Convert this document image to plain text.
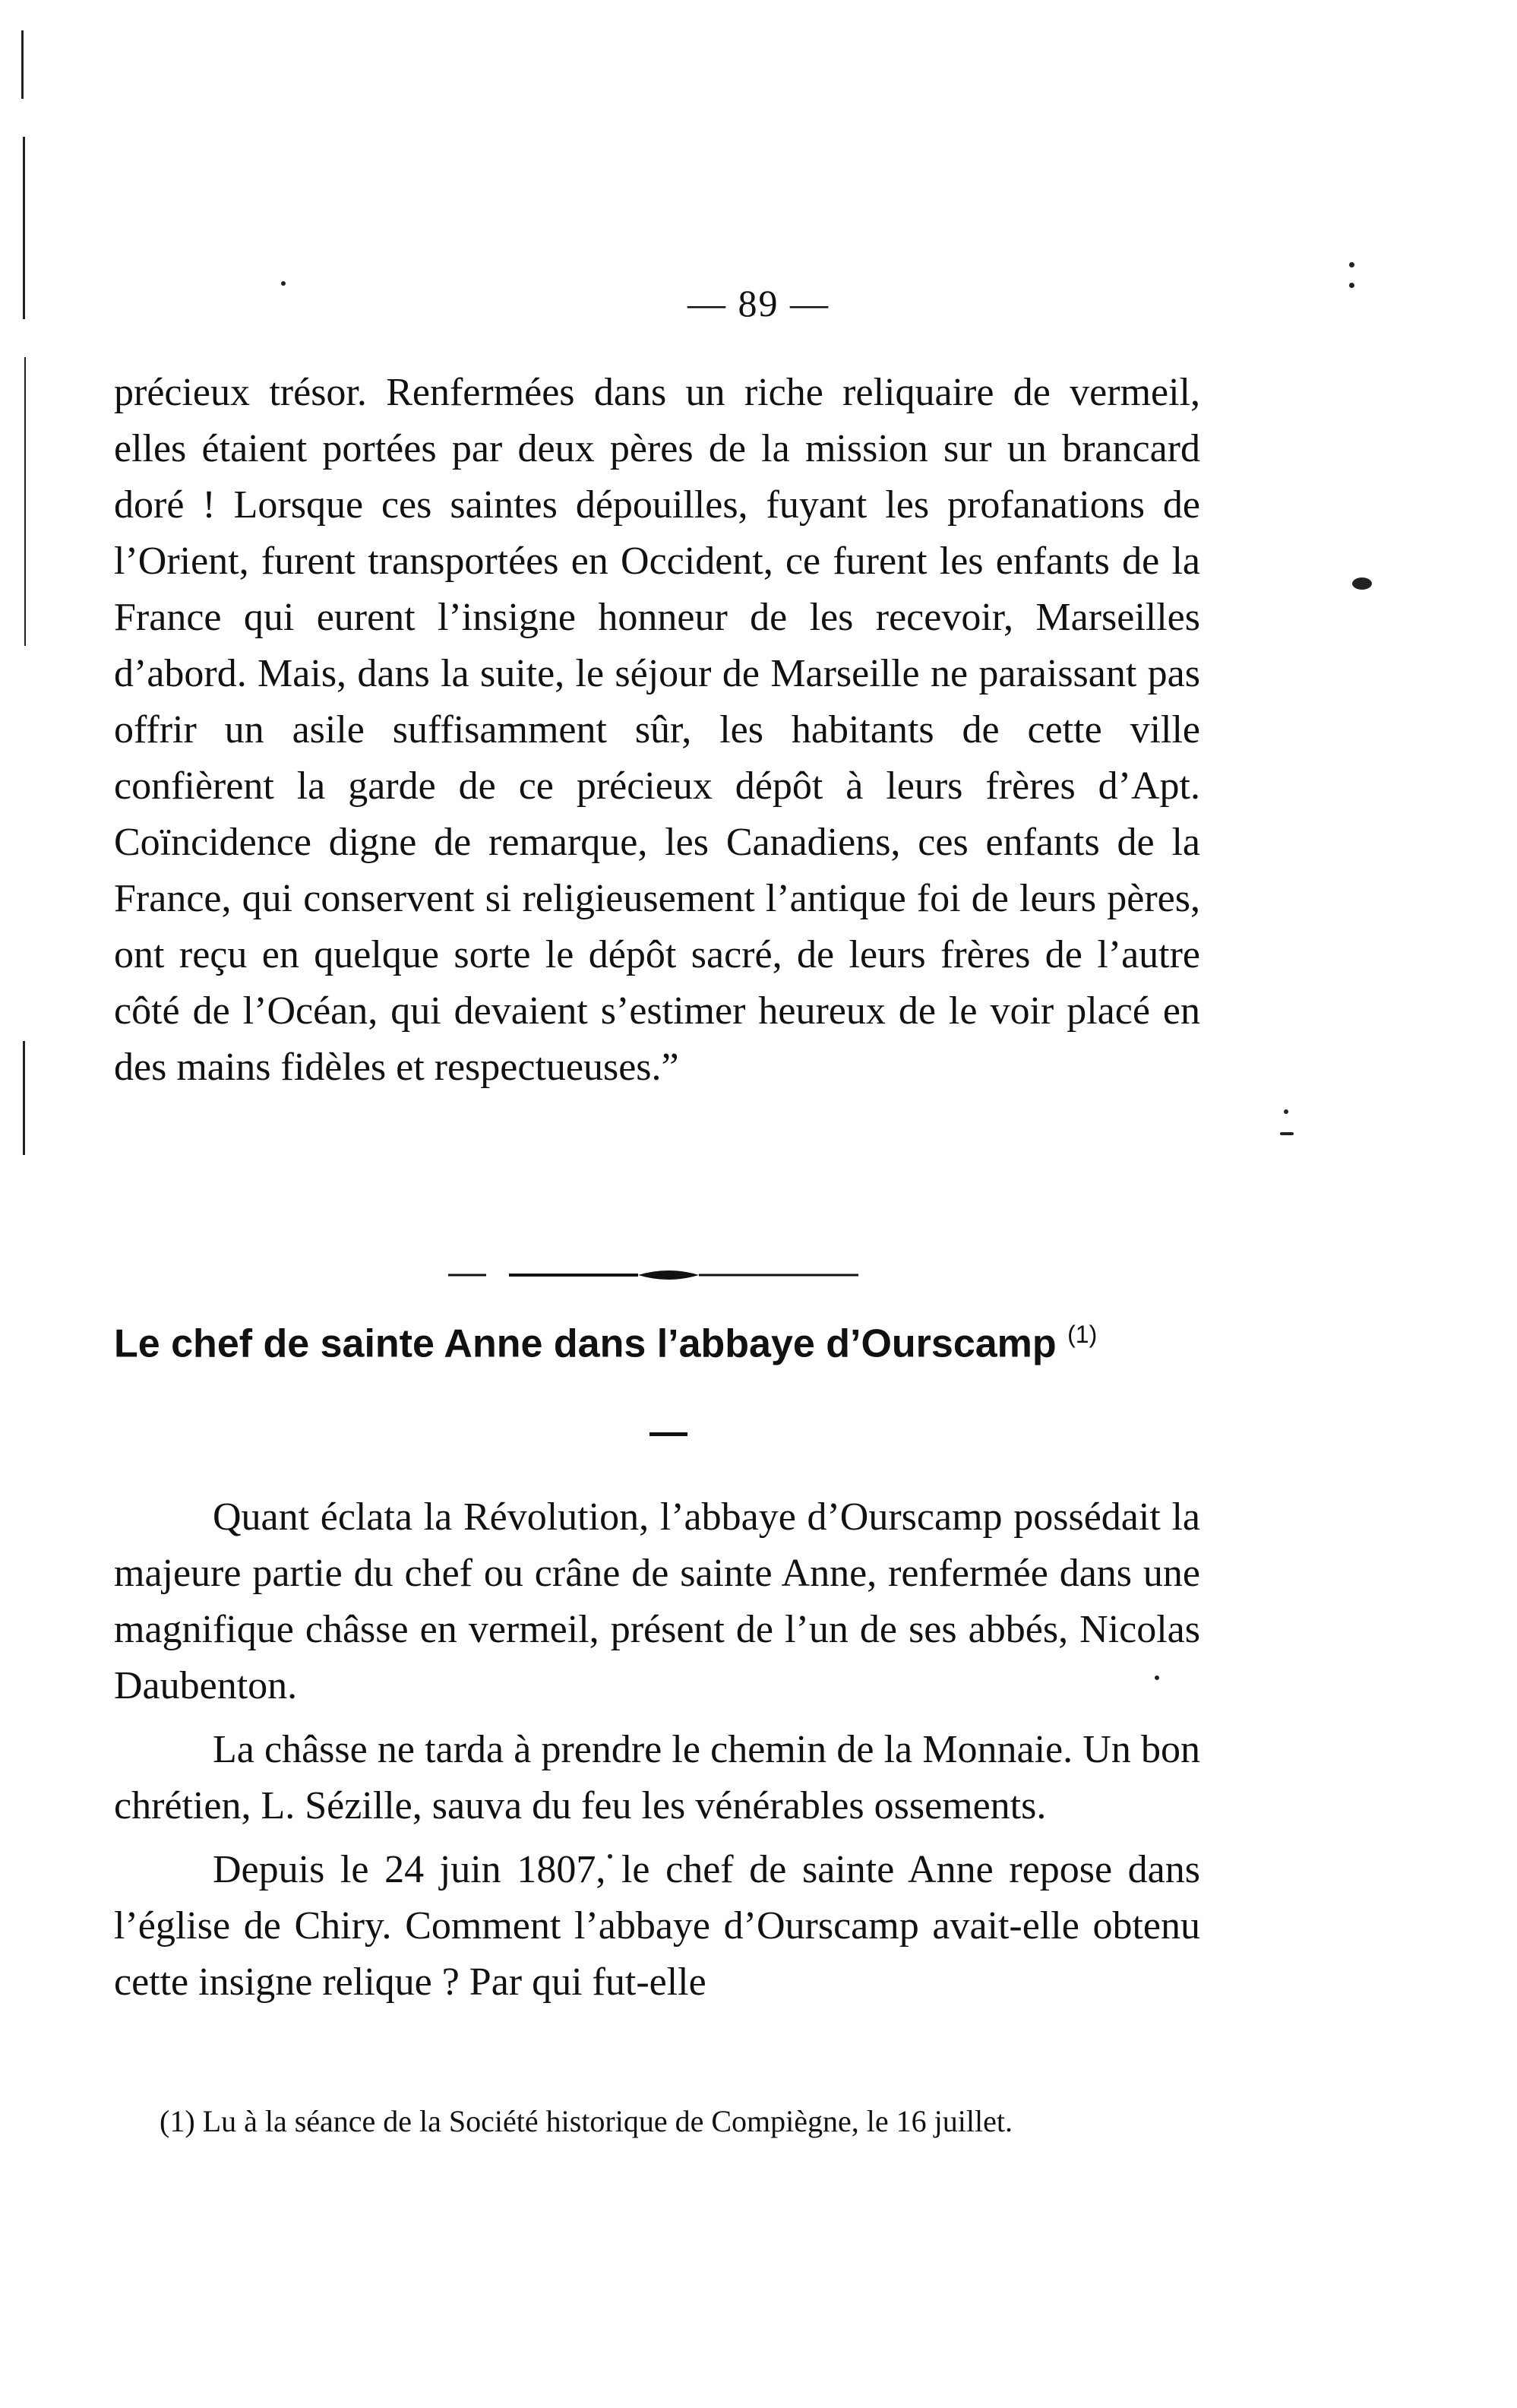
— 89 —

précieux trésor. Renfermées dans un riche reliquaire de vermeil, elles étaient portées par deux pères de la mission sur un brancard doré ! Lorsque ces saintes dépouilles, fuyant les profanations de l’Orient, furent transportées en Occident, ce furent les enfants de la France qui eurent l’insigne honneur de les recevoir, Marseilles d’abord. Mais, dans la suite, le séjour de Marseille ne paraissant pas offrir un asile suffisamment sûr, les habitants de cette ville confièrent la garde de ce précieux dépôt à leurs frères d’Apt. Coïncidence digne de remarque, les Canadiens, ces enfants de la France, qui conservent si religieusement l’antique foi de leurs pères, ont reçu en quelque sorte le dépôt sacré, de leurs frères de l’autre côté de l’Océan, qui devaient s’estimer heureux de le voir placé en des mains fidèles et respectueuses.”

Le chef de sainte Anne dans l’abbaye d’Ourscamp $^{(1)}$

Quant éclata la Révolution, l’abbaye d’Ourscamp possédait la majeure partie du chef ou crâne de sainte Anne, renfermée dans une magnifique châsse en vermeil, présent de l’un de ses abbés, Nicolas Daubenton.

La châsse ne tarda à prendre le chemin de la Monnaie. Un bon chrétien, L. Sézille, sauva du feu les vénérables ossements.

Depuis le 24 juin 1807, le chef de sainte Anne repose dans l’église de Chiry. Comment l’abbaye d’Ourscamp avait-elle obtenu cette insigne relique ? Par qui fut-elle

(1) Lu à la séance de la Société historique de Compiègne, le 16 juillet.
